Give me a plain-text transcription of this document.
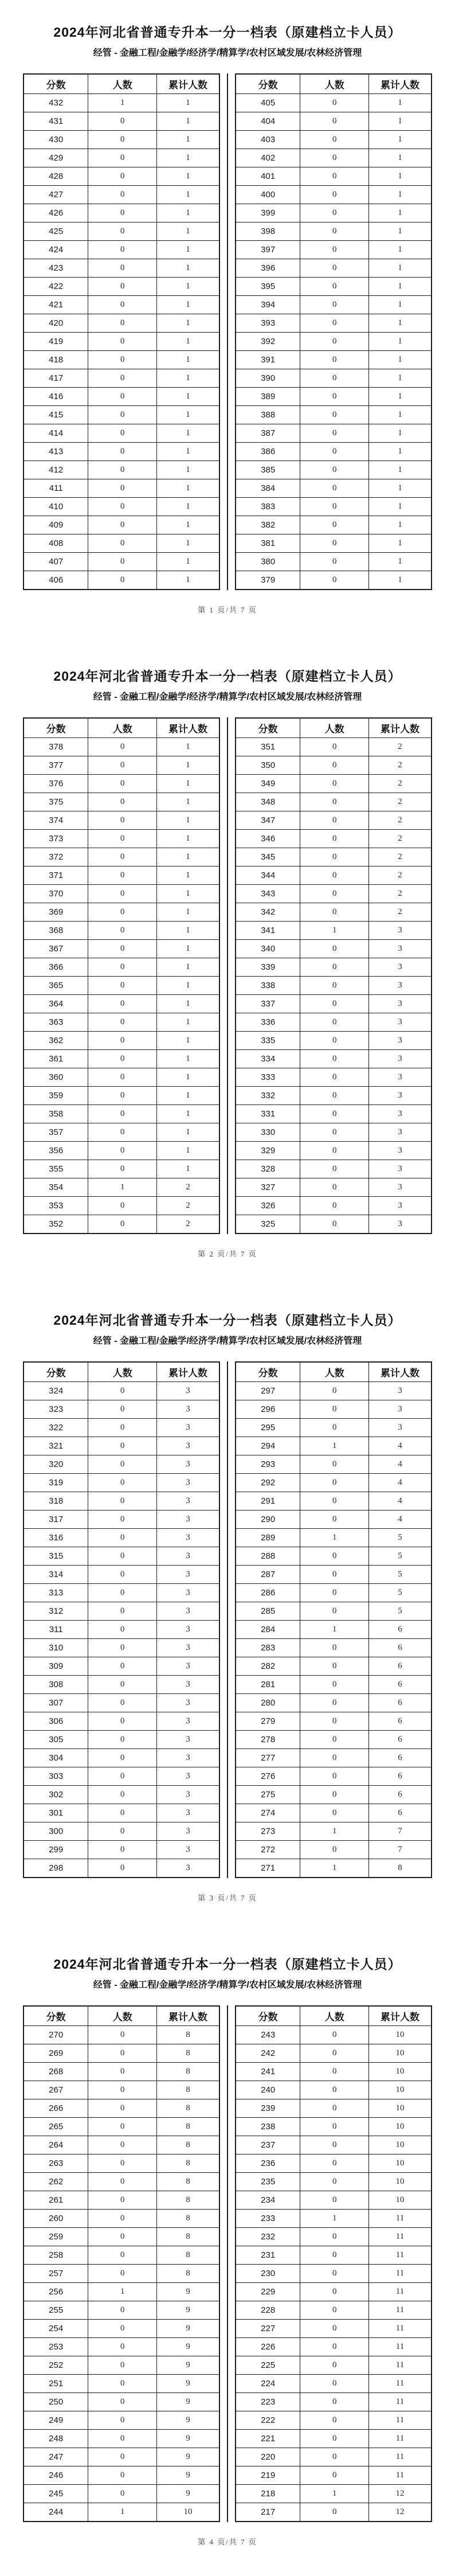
2024年河北省普通专升本一分一档表（原建档立卡人员）
经管 - 金融工程/金融学/经济学/精算学/农村区域发展/农林经济管理
分数	人数	累计人数
432	1	1
431	0	1
430	0	1
429	0	1
428	0	1
427	0	1
426	0	1
425	0	1
424	0	1
423	0	1
422	0	1
421	0	1
420	0	1
419	0	1
418	0	1
417	0	1
416	0	1
415	0	1
414	0	1
413	0	1
412	0	1
411	0	1
410	0	1
409	0	1
408	0	1
407	0	1
406	0	1
分数	人数	累计人数
405	0	1
404	0	1
403	0	1
402	0	1
401	0	1
400	0	1
399	0	1
398	0	1
397	0	1
396	0	1
395	0	1
394	0	1
393	0	1
392	0	1
391	0	1
390	0	1
389	0	1
388	0	1
387	0	1
386	0	1
385	0	1
384	0	1
383	0	1
382	0	1
381	0	1
380	0	1
379	0	1
第 1 页/共 7 页
2024年河北省普通专升本一分一档表（原建档立卡人员）
经管 - 金融工程/金融学/经济学/精算学/农村区域发展/农林经济管理
分数	人数	累计人数
378	0	1
377	0	1
376	0	1
375	0	1
374	0	1
373	0	1
372	0	1
371	0	1
370	0	1
369	0	1
368	0	1
367	0	1
366	0	1
365	0	1
364	0	1
363	0	1
362	0	1
361	0	1
360	0	1
359	0	1
358	0	1
357	0	1
356	0	1
355	0	1
354	1	2
353	0	2
352	0	2
分数	人数	累计人数
351	0	2
350	0	2
349	0	2
348	0	2
347	0	2
346	0	2
345	0	2
344	0	2
343	0	2
342	0	2
341	1	3
340	0	3
339	0	3
338	0	3
337	0	3
336	0	3
335	0	3
334	0	3
333	0	3
332	0	3
331	0	3
330	0	3
329	0	3
328	0	3
327	0	3
326	0	3
325	0	3
第 2 页/共 7 页
2024年河北省普通专升本一分一档表（原建档立卡人员）
经管 - 金融工程/金融学/经济学/精算学/农村区域发展/农林经济管理
分数	人数	累计人数
324	0	3
323	0	3
322	0	3
321	0	3
320	0	3
319	0	3
318	0	3
317	0	3
316	0	3
315	0	3
314	0	3
313	0	3
312	0	3
311	0	3
310	0	3
309	0	3
308	0	3
307	0	3
306	0	3
305	0	3
304	0	3
303	0	3
302	0	3
301	0	3
300	0	3
299	0	3
298	0	3
分数	人数	累计人数
297	0	3
296	0	3
295	0	3
294	1	4
293	0	4
292	0	4
291	0	4
290	0	4
289	1	5
288	0	5
287	0	5
286	0	5
285	0	5
284	1	6
283	0	6
282	0	6
281	0	6
280	0	6
279	0	6
278	0	6
277	0	6
276	0	6
275	0	6
274	0	6
273	1	7
272	0	7
271	1	8
第 3 页/共 7 页
2024年河北省普通专升本一分一档表（原建档立卡人员）
经管 - 金融工程/金融学/经济学/精算学/农村区域发展/农林经济管理
分数	人数	累计人数
270	0	8
269	0	8
268	0	8
267	0	8
266	0	8
265	0	8
264	0	8
263	0	8
262	0	8
261	0	8
260	0	8
259	0	8
258	0	8
257	0	8
256	1	9
255	0	9
254	0	9
253	0	9
252	0	9
251	0	9
250	0	9
249	0	9
248	0	9
247	0	9
246	0	9
245	0	9
244	1	10
分数	人数	累计人数
243	0	10
242	0	10
241	0	10
240	0	10
239	0	10
238	0	10
237	0	10
236	0	10
235	0	10
234	0	10
233	1	11
232	0	11
231	0	11
230	0	11
229	0	11
228	0	11
227	0	11
226	0	11
225	0	11
224	0	11
223	0	11
222	0	11
221	0	11
220	0	11
219	0	11
218	1	12
217	0	12
第 4 页/共 7 页
